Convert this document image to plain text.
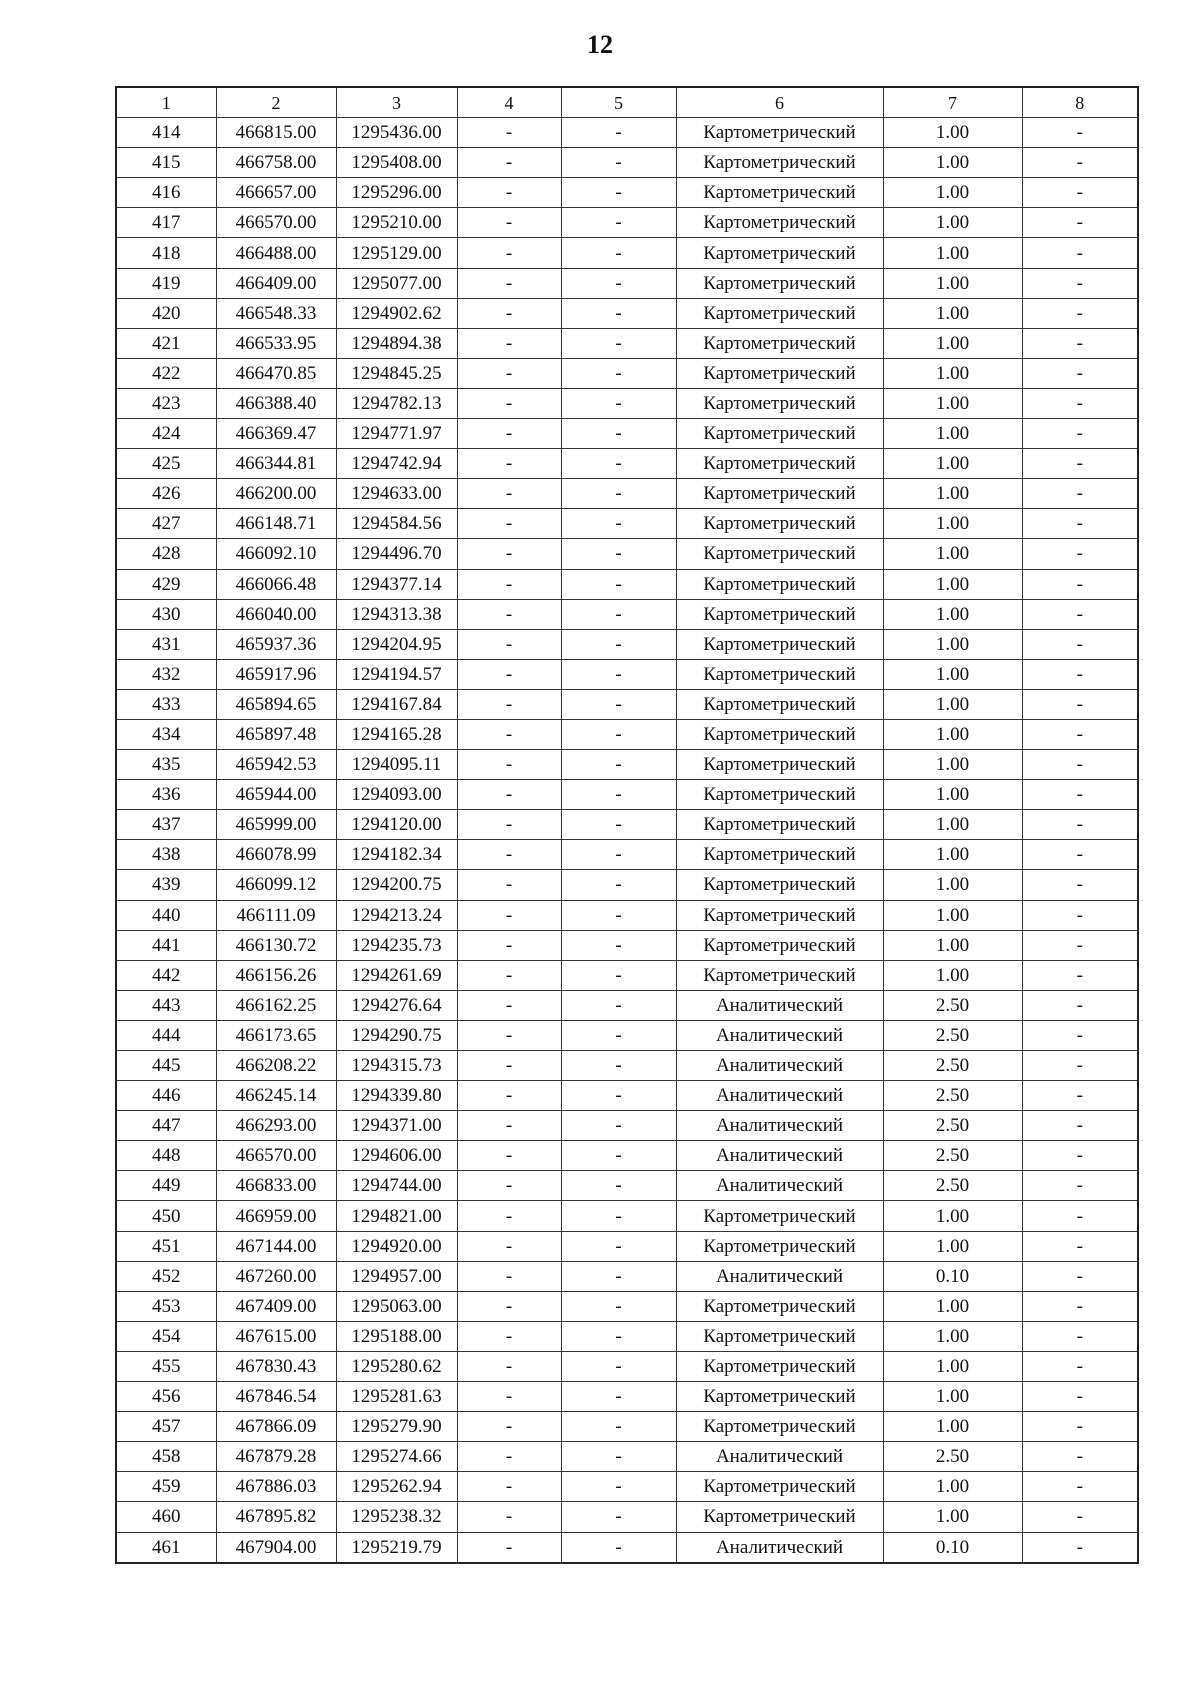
12
1	2	3	4	5	6	7	8
414	466815.00	1295436.00	-	-	Картометрический	1.00	-
415	466758.00	1295408.00	-	-	Картометрический	1.00	-
416	466657.00	1295296.00	-	-	Картометрический	1.00	-
417	466570.00	1295210.00	-	-	Картометрический	1.00	-
418	466488.00	1295129.00	-	-	Картометрический	1.00	-
419	466409.00	1295077.00	-	-	Картометрический	1.00	-
420	466548.33	1294902.62	-	-	Картометрический	1.00	-
421	466533.95	1294894.38	-	-	Картометрический	1.00	-
422	466470.85	1294845.25	-	-	Картометрический	1.00	-
423	466388.40	1294782.13	-	-	Картометрический	1.00	-
424	466369.47	1294771.97	-	-	Картометрический	1.00	-
425	466344.81	1294742.94	-	-	Картометрический	1.00	-
426	466200.00	1294633.00	-	-	Картометрический	1.00	-
427	466148.71	1294584.56	-	-	Картометрический	1.00	-
428	466092.10	1294496.70	-	-	Картометрический	1.00	-
429	466066.48	1294377.14	-	-	Картометрический	1.00	-
430	466040.00	1294313.38	-	-	Картометрический	1.00	-
431	465937.36	1294204.95	-	-	Картометрический	1.00	-
432	465917.96	1294194.57	-	-	Картометрический	1.00	-
433	465894.65	1294167.84	-	-	Картометрический	1.00	-
434	465897.48	1294165.28	-	-	Картометрический	1.00	-
435	465942.53	1294095.11	-	-	Картометрический	1.00	-
436	465944.00	1294093.00	-	-	Картометрический	1.00	-
437	465999.00	1294120.00	-	-	Картометрический	1.00	-
438	466078.99	1294182.34	-	-	Картометрический	1.00	-
439	466099.12	1294200.75	-	-	Картометрический	1.00	-
440	466111.09	1294213.24	-	-	Картометрический	1.00	-
441	466130.72	1294235.73	-	-	Картометрический	1.00	-
442	466156.26	1294261.69	-	-	Картометрический	1.00	-
443	466162.25	1294276.64	-	-	Аналитический	2.50	-
444	466173.65	1294290.75	-	-	Аналитический	2.50	-
445	466208.22	1294315.73	-	-	Аналитический	2.50	-
446	466245.14	1294339.80	-	-	Аналитический	2.50	-
447	466293.00	1294371.00	-	-	Аналитический	2.50	-
448	466570.00	1294606.00	-	-	Аналитический	2.50	-
449	466833.00	1294744.00	-	-	Аналитический	2.50	-
450	466959.00	1294821.00	-	-	Картометрический	1.00	-
451	467144.00	1294920.00	-	-	Картометрический	1.00	-
452	467260.00	1294957.00	-	-	Аналитический	0.10	-
453	467409.00	1295063.00	-	-	Картометрический	1.00	-
454	467615.00	1295188.00	-	-	Картометрический	1.00	-
455	467830.43	1295280.62	-	-	Картометрический	1.00	-
456	467846.54	1295281.63	-	-	Картометрический	1.00	-
457	467866.09	1295279.90	-	-	Картометрический	1.00	-
458	467879.28	1295274.66	-	-	Аналитический	2.50	-
459	467886.03	1295262.94	-	-	Картометрический	1.00	-
460	467895.82	1295238.32	-	-	Картометрический	1.00	-
461	467904.00	1295219.79	-	-	Аналитический	0.10	-
